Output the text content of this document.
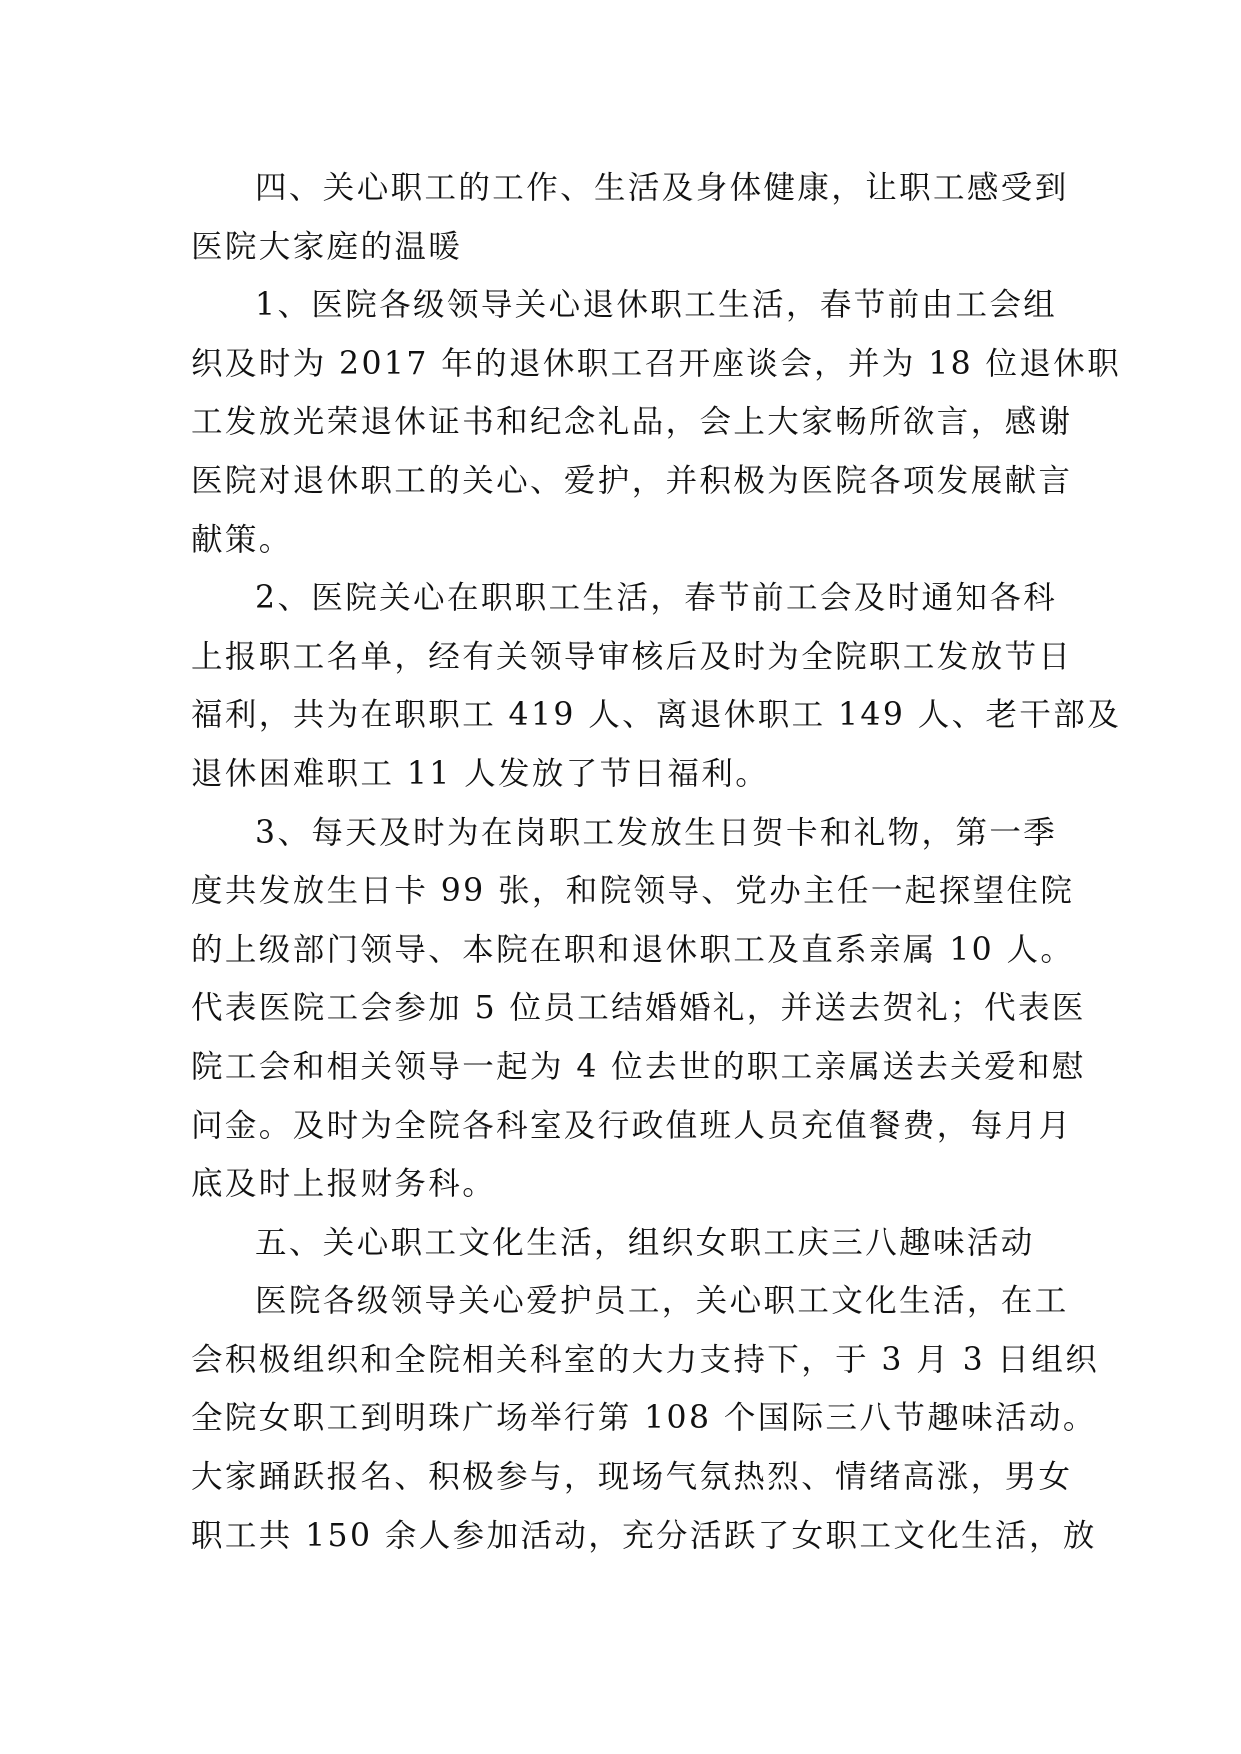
四、关心职工的工作、生活及身体健康，让职工感受到
医院大家庭的温暖
1、医院各级领导关心退休职工生活，春节前由工会组
织及时为 2017 年的退休职工召开座谈会，并为 18 位退休职
工发放光荣退休证书和纪念礼品，会上大家畅所欲言，感谢
医院对退休职工的关心、爱护，并积极为医院各项发展献言
献策。
2、医院关心在职职工生活，春节前工会及时通知各科
上报职工名单，经有关领导审核后及时为全院职工发放节日
福利，共为在职职工 419 人、离退休职工 149 人、老干部及
退休困难职工 11 人发放了节日福利。
3、每天及时为在岗职工发放生日贺卡和礼物，第一季
度共发放生日卡 99 张，和院领导、党办主任一起探望住院
的上级部门领导、本院在职和退休职工及直系亲属 10 人。
代表医院工会参加 5 位员工结婚婚礼，并送去贺礼；代表医
院工会和相关领导一起为 4 位去世的职工亲属送去关爱和慰
问金。及时为全院各科室及行政值班人员充值餐费，每月月
底及时上报财务科。
五、关心职工文化生活，组织女职工庆三八趣味活动
医院各级领导关心爱护员工，关心职工文化生活，在工
会积极组织和全院相关科室的大力支持下，于 3 月 3 日组织
全院女职工到明珠广场举行第 108 个国际三八节趣味活动。
大家踊跃报名、积极参与，现场气氛热烈、情绪高涨，男女
职工共 150 余人参加活动，充分活跃了女职工文化生活，放
